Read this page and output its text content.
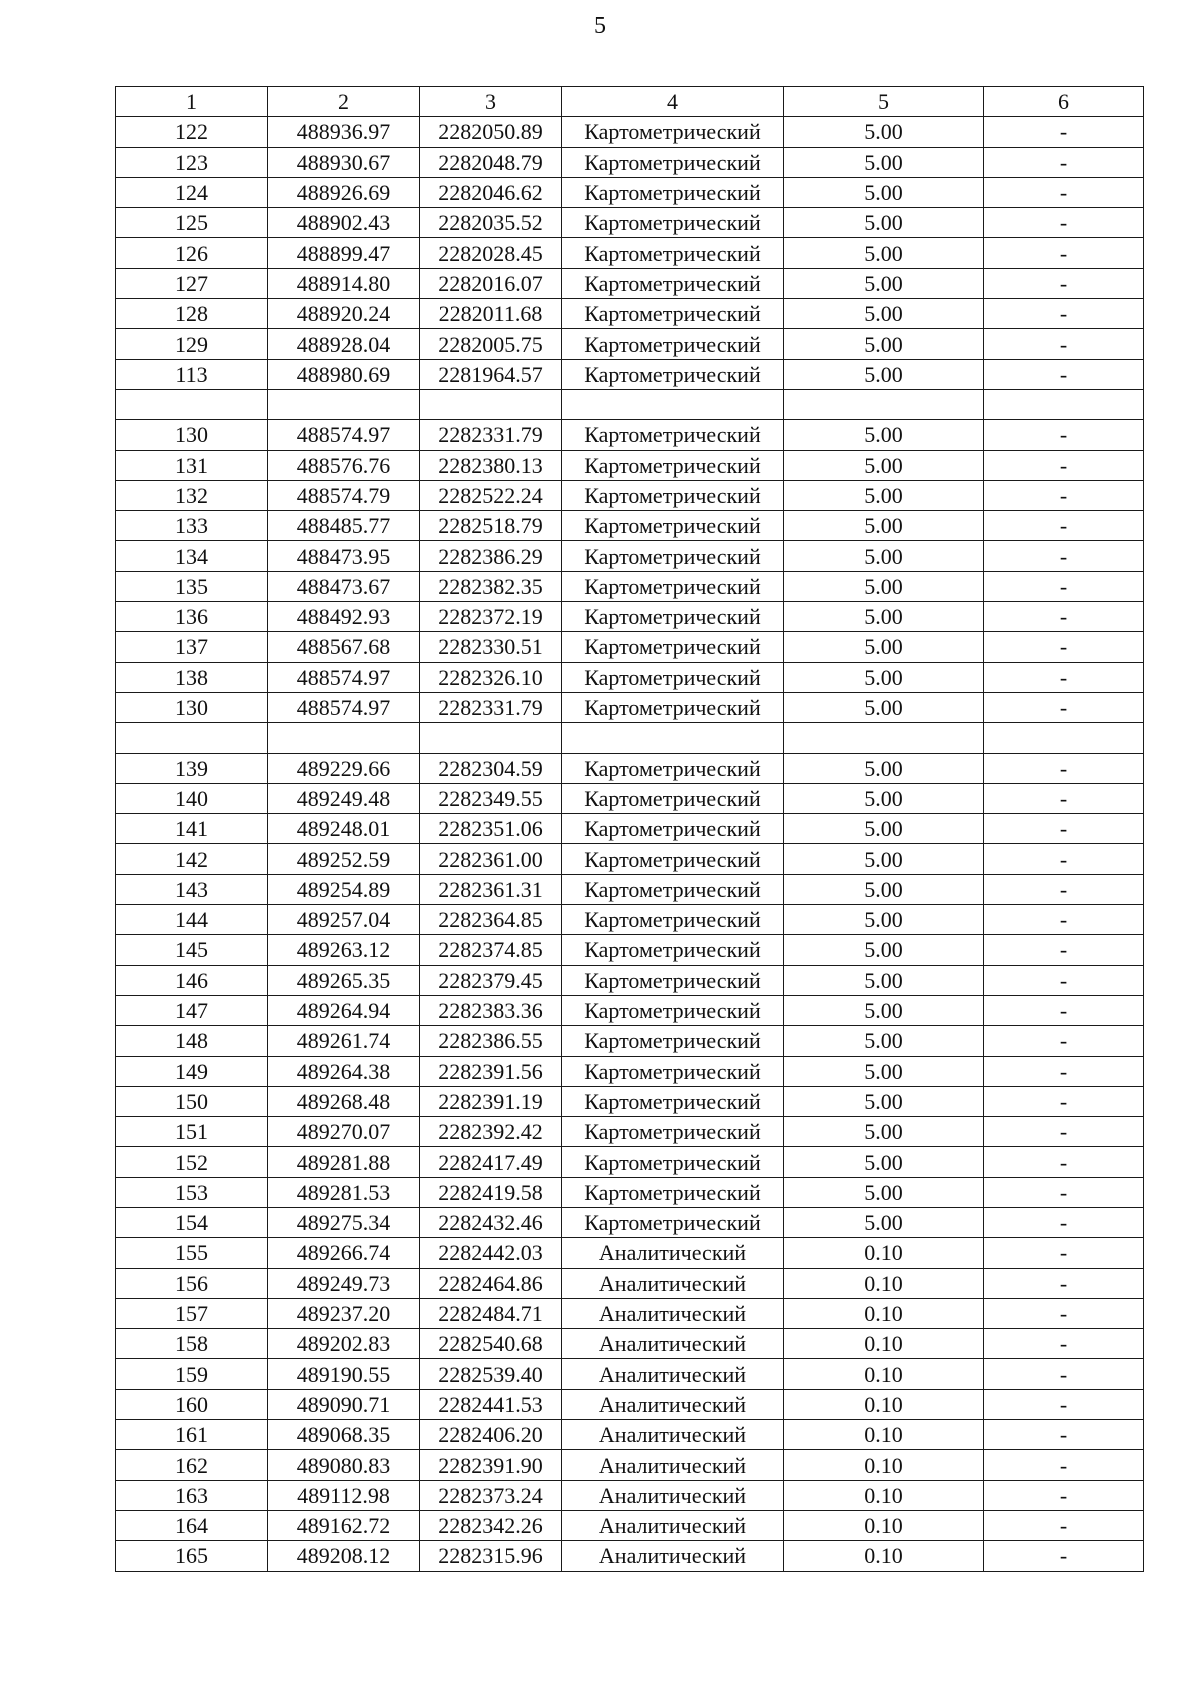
5
1	2	3	4	5	6
122	488936.97	2282050.89	Картометрический	5.00	-
123	488930.67	2282048.79	Картометрический	5.00	-
124	488926.69	2282046.62	Картометрический	5.00	-
125	488902.43	2282035.52	Картометрический	5.00	-
126	488899.47	2282028.45	Картометрический	5.00	-
127	488914.80	2282016.07	Картометрический	5.00	-
128	488920.24	2282011.68	Картометрический	5.00	-
129	488928.04	2282005.75	Картометрический	5.00	-
113	488980.69	2281964.57	Картометрический	5.00	-

130	488574.97	2282331.79	Картометрический	5.00	-
131	488576.76	2282380.13	Картометрический	5.00	-
132	488574.79	2282522.24	Картометрический	5.00	-
133	488485.77	2282518.79	Картометрический	5.00	-
134	488473.95	2282386.29	Картометрический	5.00	-
135	488473.67	2282382.35	Картометрический	5.00	-
136	488492.93	2282372.19	Картометрический	5.00	-
137	488567.68	2282330.51	Картометрический	5.00	-
138	488574.97	2282326.10	Картометрический	5.00	-
130	488574.97	2282331.79	Картометрический	5.00	-

139	489229.66	2282304.59	Картометрический	5.00	-
140	489249.48	2282349.55	Картометрический	5.00	-
141	489248.01	2282351.06	Картометрический	5.00	-
142	489252.59	2282361.00	Картометрический	5.00	-
143	489254.89	2282361.31	Картометрический	5.00	-
144	489257.04	2282364.85	Картометрический	5.00	-
145	489263.12	2282374.85	Картометрический	5.00	-
146	489265.35	2282379.45	Картометрический	5.00	-
147	489264.94	2282383.36	Картометрический	5.00	-
148	489261.74	2282386.55	Картометрический	5.00	-
149	489264.38	2282391.56	Картометрический	5.00	-
150	489268.48	2282391.19	Картометрический	5.00	-
151	489270.07	2282392.42	Картометрический	5.00	-
152	489281.88	2282417.49	Картометрический	5.00	-
153	489281.53	2282419.58	Картометрический	5.00	-
154	489275.34	2282432.46	Картометрический	5.00	-
155	489266.74	2282442.03	Аналитический	0.10	-
156	489249.73	2282464.86	Аналитический	0.10	-
157	489237.20	2282484.71	Аналитический	0.10	-
158	489202.83	2282540.68	Аналитический	0.10	-
159	489190.55	2282539.40	Аналитический	0.10	-
160	489090.71	2282441.53	Аналитический	0.10	-
161	489068.35	2282406.20	Аналитический	0.10	-
162	489080.83	2282391.90	Аналитический	0.10	-
163	489112.98	2282373.24	Аналитический	0.10	-
164	489162.72	2282342.26	Аналитический	0.10	-
165	489208.12	2282315.96	Аналитический	0.10	-
